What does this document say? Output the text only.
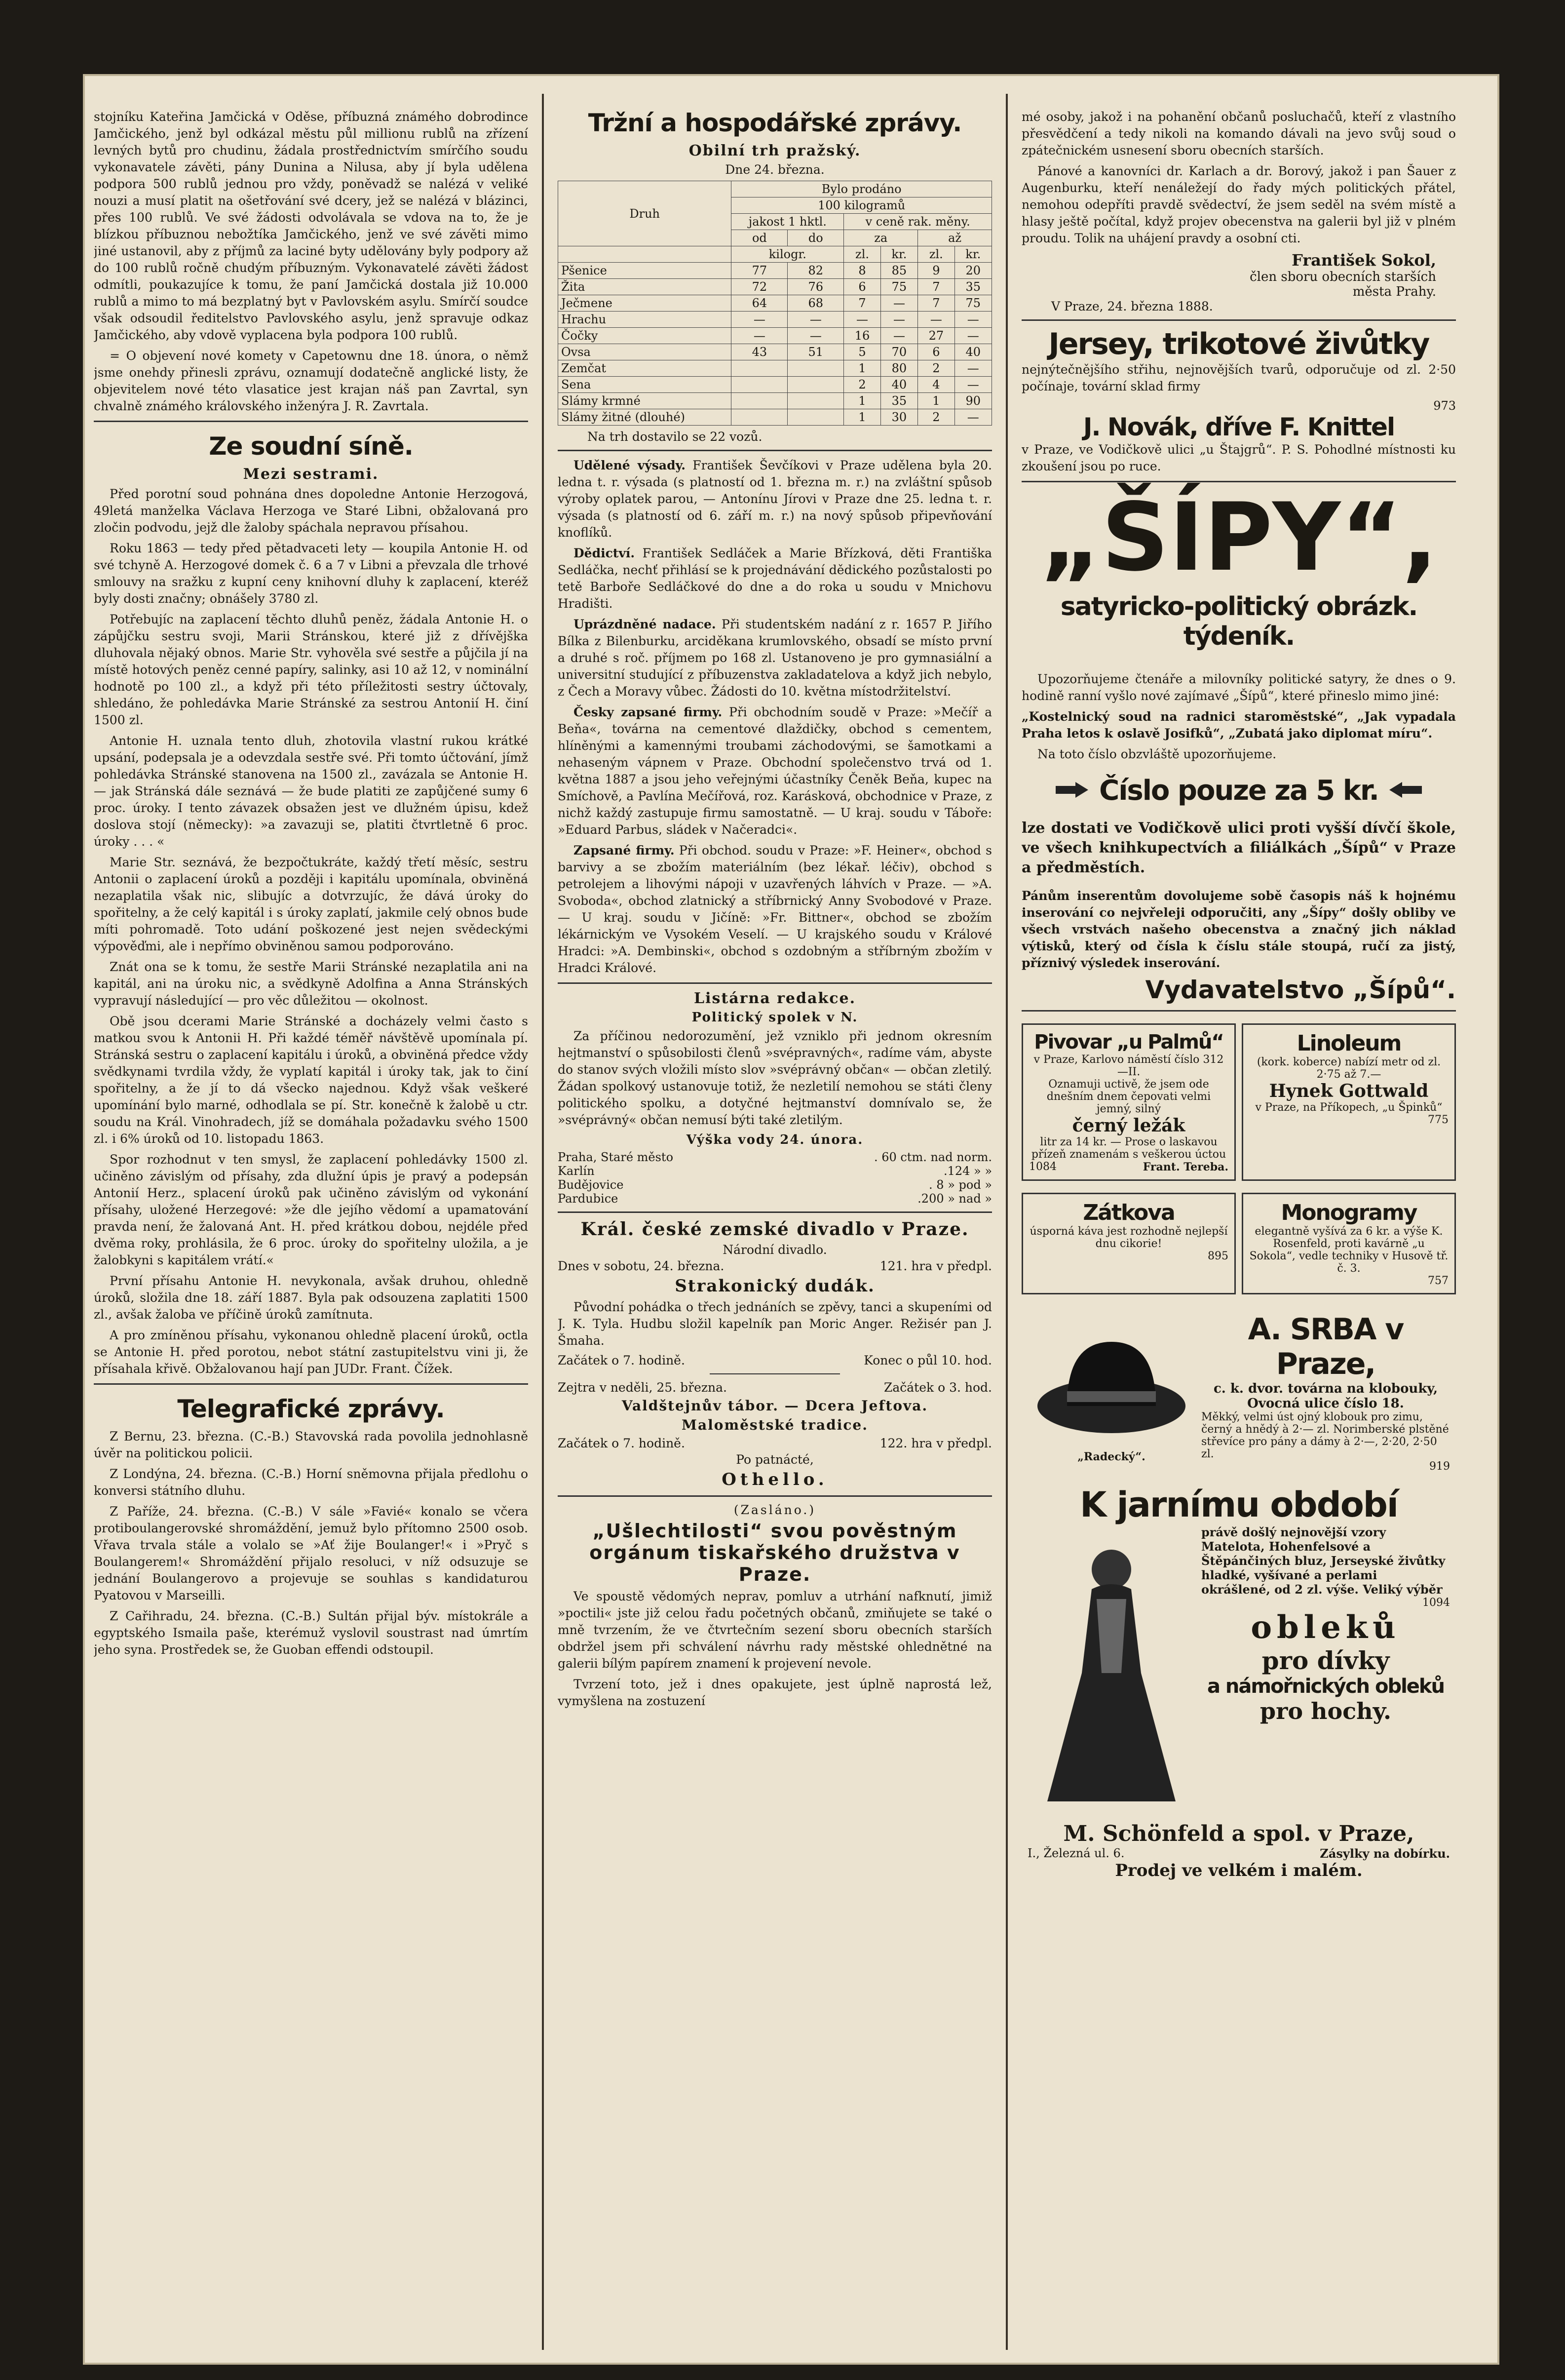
stojníku Kateřina Jamčická v Oděse, příbuzná známého dobrodince Jamčického, jenž byl odkázal městu půl millionu rublů na zřízení levných bytů pro chudinu, žádala prostřednictvím smírčího soudu vykonavatele závěti, pány Dunina a Nilusa, aby jí byla udělena podpora 500 rublů jednou pro vždy, poněvadž se nalézá v veliké nouzi a musí platit na ošetřování své dcery, jež se nalézá v blázinci, přes 100 rublů. Ve své žádosti odvolávala se vdova na to, že je blízkou příbuznou nebožtíka Jamčického, jenž ve své závěti mimo jiné ustanovil, aby z příjmů za laciné byty udělovány byly podpory až do 100 rublů ročně chudým příbuzným. Vykonavatelé závěti žádost odmítli, poukazujíce k tomu, že paní Jamčická dostala již 10.000 rublů a mimo to má bezplatný byt v Pavlovském asylu. Smírčí soudce však odsoudil ředitelstvo Pavlovského asylu, jenž spravuje odkaz Jamčického, aby vdově vyplacena byla podpora 100 rublů.

= O objevení nové komety v Capetownu dne 18. února, o němž jsme onehdy přinesli zprávu, oznamují dodatečně anglické listy, že objevitelem nové této vlasatice jest krajan náš pan Zavrtal, syn chvalně známého královského inženýra J. R. Zavrtala.

Ze soudní síně.
Mezi sestrami.

Před porotní soud pohnána dnes dopoledne Antonie Herzogová, 49letá manželka Václava Herzoga ve Staré Libni, obžalovaná pro zločin podvodu, jejž dle žaloby spáchala nepravou přísahou.

Roku 1863 — tedy před pětadvaceti lety — koupila Antonie H. od své tchyně A. Herzogové domek č. 6 a 7 v Libni a převzala dle trhové smlouvy na sražku z kupní ceny knihovní dluhy k zaplacení, kteréž byly dosti značny; obnášely 3780 zl.

Potřebujíc na zaplacení těchto dluhů peněz, žádala Antonie H. o zápůjčku sestru svoji, Marii Stránskou, které již z dřívějška dluhovala nějaký obnos. Marie Str. vyhověla své sestře a půjčila jí na místě hotových peněz cenné papíry, salinky, asi 10 až 12, v nominální hodnotě po 100 zl., a když při této příležitosti sestry účtovaly, shledáno, že pohledávka Marie Stránské za sestrou Antonií H. činí 1500 zl.

Antonie H. uznala tento dluh, zhotovila vlastní rukou krátké upsání, podepsala je a odevzdala sestře své. Při tomto účtování, jímž pohledávka Stránské stanovena na 1500 zl., zavázala se Antonie H. — jak Stránská dále seznává — že bude platiti ze zapůjčené sumy 6 proc. úroky. I tento závazek obsažen jest ve dlužném úpisu, kdež doslova stojí (německy): »a zavazuji se, platiti čtvrtletně 6 proc. úroky . . . «

Marie Str. seznává, že bezpočtukráte, každý třetí měsíc, sestru Antonii o zaplacení úroků a později i kapitálu upomínala, obviněná nezaplatila však nic, slibujíc a dotvrzujíc, že dává úroky do spořitelny, a že celý kapitál i s úroky zaplatí, jakmile celý obnos bude míti pohromadě. Toto udání poškozené jest nejen svědeckými výpověďmi, ale i nepřímo obviněnou samou podporováno.

Znát ona se k tomu, že sestře Marii Stránské nezaplatila ani na kapitál, ani na úroku nic, a svědkyně Adolfina a Anna Stránských vypravují následující — pro věc důležitou — okolnost.

Obě jsou dcerami Marie Stránské a docházely velmi často s matkou svou k Antonii H. Při každé téměř návštěvě upomínala pí. Stránská sestru o zaplacení kapitálu i úroků, a obviněná předce vždy svědkynami tvrdila vždy, že vyplatí kapitál i úroky tak, jak to činí spořitelny, a že jí to dá všecko najednou. Když však veškeré upomínání bylo marné, odhodlala se pí. Str. konečně k žalobě u ctr. soudu na Král. Vinohradech, jíž se domáhala požadavku svého 1500 zl. i 6% úroků od 10. listopadu 1863.

Spor rozhodnut v ten smysl, že zaplacení pohledávky 1500 zl. učiněno závislým od přísahy, zda dlužní úpis je pravý a podepsán Antonií Herz., splacení úroků pak učiněno závislým od vykonání přísahy, uložené Herzegové: »že dle jejího vědomí a upamatování pravda není, že žalovaná Ant. H. před krátkou dobou, nejdéle před dvěma roky, prohlásila, že 6 proc. úroky do spořitelny uložila, a je žalobkyni s kapitálem vrátí.«

První přísahu Antonie H. nevykonala, avšak druhou, ohledně úroků, složila dne 18. září 1887. Byla pak odsouzena zaplatiti 1500 zl., avšak žaloba ve příčině úroků zamítnuta.

A pro zmíněnou přísahu, vykonanou ohledně placení úroků, octla se Antonie H. před porotou, nebot státní zastupitelstvu vini ji, že přísahala křivě. Obžalovanou hají pan JUDr. Frant. Čížek.

Telegrafické zprávy.

Z Bernu, 23. března. (C.-B.) Stavovská rada povolila jednohlasně úvěr na politickou policii.

Z Londýna, 24. března. (C.-B.) Horní sněmovna přijala předlohu o konversi státního dluhu.

Z Paříže, 24. března. (C.-B.) V sále »Favié« konalo se včera protiboulangerovské shromáždění, jemuž bylo přítomno 2500 osob. Vřava trvala stále a volalo se »Ať žije Boulanger!« i »Pryč s Boulangerem!« Shromáždění přijalo resoluci, v níž odsuzuje se jednání Boulangerovo a projevuje se souhlas s kandidaturou Pyatovou v Marseilli.

Z Cařihradu, 24. března. (C.-B.) Sultán přijal býv. místokrále a egyptského Ismaila paše, kterémuž vyslovil soustrast nad úmrtím jeho syna. Prostředek se, že Guoban effendi odstoupil.

Tržní a hospodářské zprávy.
Obilní trh pražský.
Dne 24. března.
Druh	Bylo prodáno					
	100 kilogramů					
	jakost 1 hktl.		v ceně rak. měny.			
	od	do	za		až	
	kilogr.		zl.	kr.	zl.	kr.
Pšenice	77	82	8	85	9	20
Žita	72	76	6	75	7	35
Ječmene	64	68	7	—	7	75
Hrachu	—	—	—	—	—	—
Čočky	—	—	16	—	27	—
Ovsa	43	51	5	70	6	40
Zemčat			1	80	2	—
Sena			2	40	4	—
Slámy krmné			1	35	1	90
Slámy žitné (dlouhé)			1	30	2	—
Na trh dostavilo se 22 vozů.

Udělené výsady. František Ševčíkovi v Praze udělena byla 20. ledna t. r. výsada (s platností od 1. března m. r.) na zvláštní spůsob výroby oplatek parou, — Antonínu Jírovi v Praze dne 25. ledna t. r. výsada (s platností od 6. září m. r.) na nový spůsob připevňování knoflíků.

Dědictví. František Sedláček a Marie Břízková, děti Františka Sedláčka, nechť přihlásí se k projednávání dědického pozůstalosti po tetě Barboře Sedláčkové do dne a do roka u soudu v Mnichovu Hradišti.

Uprázdněné nadace. Při studentském nadání z r. 1657 P. Jiřího Bílka z Bilenburku, arciděkana krumlovského, obsadí se místo první a druhé s roč. příjmem po 168 zl. Ustanoveno je pro gymnasiální a universitní studující z příbuzenstva zakladatelova a když jich nebylo, z Čech a Moravy vůbec. Žádosti do 10. května místodržitelství.

Česky zapsané firmy. Při obchodním soudě v Praze: »Mečíř a Beňa«, továrna na cementové dlaždičky, obchod s cementem, hlíněnými a kamennými troubami záchodovými, se šamotkami a nehaseným vápnem v Praze. Obchodní společenstvo trvá od 1. května 1887 a jsou jeho veřejnými účastníky Čeněk Beňa, kupec na Smíchově, a Pavlína Mečířová, roz. Karásková, obchodnice v Praze, z nichž každý zastupuje firmu samostatně. — U kraj. soudu v Táboře: »Eduard Parbus, sládek v Načeradci«.

Zapsané firmy. Při obchod. soudu v Praze: »F. Heiner«, obchod s barvivy a se zbožím materiálním (bez lékař. léčiv), obchod s petrolejem a lihovými nápoji v uzavřených láhvích v Praze. — »A. Svoboda«, obchod zlatnický a stříbrnický Anny Svobodové v Praze. — U kraj. soudu v Jičíně: »Fr. Bittner«, obchod se zbožím lékárnickým ve Vysokém Veselí. — U krajského soudu v Králové Hradci: »A. Dembinski«, obchod s ozdobným a stříbrným zbožím v Hradci Králové.

Listárna redakce.
Politický spolek v N.

Za příčinou nedorozumění, jež vzniklo při jednom okresním hejtmanství o spůsobilosti členů »svépravných«, radíme vám, abyste do stanov svých vložili místo slov »svéprávný občan« — občan zletilý. Žádan spolkový ustanovuje totiž, že nezletilí nemohou se státi členy politického spolku, a dotyčné hejtmanství domnívalo se, že »svéprávný« občan nemusí býti také zletilým.

Výška vody 24. února.
Praha, Staré město	. 60 ctm. nad norm.
Karlín	.124 » »
Budějovice	. 8 » pod »
Pardubice	.200 » nad »
Král. české zemské divadlo v Praze.
Národní divadlo.
Dnes v sobotu, 24. března.	121. hra v předpl.
Strakonický dudák.

Původní pohádka o třech jednáních se zpěvy, tanci a skupeními od J. K. Tyla. Hudbu složil kapelník pan Moric Anger. Režisér pan J. Šmaha.

Začátek o 7. hodině.	Konec o půl 10. hod.
Zejtra v neděli, 25. března.	Začátek o 3. hod.
Valdštejnův tábor. — Dcera Jeftova.
Maloměstské tradice.
Začátek o 7. hodině.	122. hra v předpl.
Po patnácté,
Othello.
(Zasláno.)
„Ušlechtilosti“ svou pověstným orgánum tiskařského družstva v Praze.

Ve spoustě vědomých neprav, pomluv a utrhání nafknutí, jimiž »poctili« jste již celou řadu početných občanů, zmiňujete se také o mně tvrzením, že ve čtvrtečním sezení sboru obecních starších obdržel jsem při schválení návrhu rady městské ohlednětné na galerii bílým papírem znamení k projevení nevole.

Tvrzení toto, jež i dnes opakujete, jest úplně naprostá lež, vymyšlena na zostuzení

mé osoby, jakož i na pohanění občanů posluchačů, kteří z vlastního přesvědčení a tedy nikoli na komando dávali na jevo svůj soud o zpátečnickém usnesení sboru obecních starších.

Pánové a kanovníci dr. Karlach a dr. Borový, jakož i pan Šauer z Augenburku, kteří nenáležejí do řady mých politických přátel, nemohou odepříti pravdě svědectví, že jsem seděl na svém místě a hlasy ještě počítal, když projev obecenstva na galerii byl již v plném proudu. Tolik na uhájení pravdy a osobní cti.

František Sokol,
člen sboru obecních starších
města Prahy.
V Praze, 24. března 1888.
Jersey, trikotové živůtky

nejnýtečnějšího střihu, nejnovějších tvarů, odporučuje od zl. 2·50 počínaje, tovární sklad firmy

973
J. Novák, dříve F. Knittel

v Praze, ve Vodičkově ulici „u Štajgrů“. P. S. Pohodlné místnosti ku zkoušení jsou po ruce.

„ŠÍPY“,
satyricko-politický obrázk. týdeník.

Upozorňujeme čtenáře a milovníky politické satyry, že dnes o 9. hodině ranní vyšlo nové zajímavé „Šípů“, které přineslo mimo jiné:

„Kostelnický soud na radnici staroměstské“, „Jak vypadala Praha letos k oslavě Josifků“, „Zubatá jako diplomat míru“.

Na toto číslo obzvláště upozorňujeme.

Číslo pouze za 5 kr.

lze dostati ve Vodičkově ulici proti vyšší dívčí škole, ve všech knihkupectvích a filiálkách „Šípů“ v Praze a předměstích.

Pánům inserentům dovolujeme sobě časopis náš k hojnému inserování co nejvřeleji odporučiti, any „Šípy“ došly obliby ve všech vrstvách našeho obecenstva a značný jich náklad výtisků, který od čísla k číslu stále stoupá, ručí za jistý, příznivý výsledek inserování.

Vydavatelstvo „Šípů“.
Pivovar „u Palmů“
v Praze, Karlovo náměstí číslo 312—II.
Oznamuji uctivě, že jsem ode dnešním dnem čepovati velmi jemný, silný
černý ležák
litr za 14 kr. — Prose o laskavou přízeň znamenám s veškerou úctou
1084	Frant. Tereba.
Linoleum
(kork. koberce) nabízí metr od zl. 2·75 až 7.—
Hynek Gottwald
v Praze, na Příkopech, „u Špinků“
775
Zátkova
úsporná káva jest rozhodně nejlepší dnu cikorie!
895
Monogramy
elegantně vyšívá za 6 kr. a výše K. Rosenfeld, proti kavárně „u Sokola“, vedle techniky v Husově tř. č. 3.
757
„Radecký“.
A. SRBA v Praze,
c. k. dvor. továrna na klobouky, Ovocná ulice číslo 18.
Měkký, velmi úst ojný klobouk pro zimu, černý a hnědý à 2·— zl. Norimberské plstěné střevíce pro pány a dámy à 2·—, 2·20, 2·50 zl.
919
K jarnímu období
právě došlý nejnovější vzory Matelota, Hohenfelsové a Štěpánčiných bluz, Jerseyské živůtky hladké, vyšívané a perlami okrášlené, od 2 zl. výše. Veliký výběr
1094
obleků
pro dívky
a námořnických obleků
pro hochy.
M. Schönfeld a spol. v Praze,
I., Železná ul. 6.	Zásylky na dobírku.
Prodej ve velkém i malém.
